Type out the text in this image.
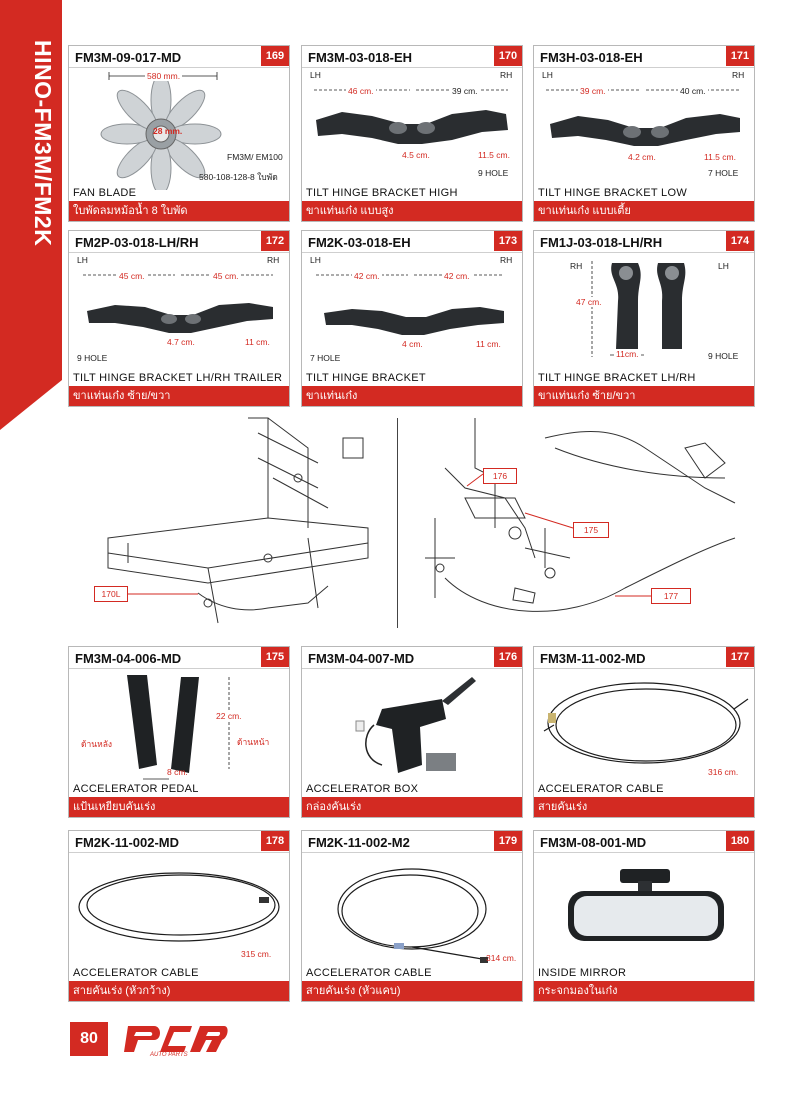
HINO-FM3M/FM2K FM3M-09-017-MD	169
580 mm.
28 mm.
FM3M/ EM100
580-108-128-8 ใบพัด
FAN BLADE
ใบพัดลมหม้อน้ำ 8 ใบพัด
FM3M-03-018-EH	170
LH	RH
46 cm.	39 cm.
4.5 cm.	11.5 cm.
9 HOLE
TILT HINGE BRACKET HIGH
ขาแท่นเก๋ง แบบสูง
FM3H-03-018-EH	171
LH	RH
39 cm.	40 cm.
4.2 cm.	11.5 cm.
7 HOLE
TILT HINGE BRACKET LOW
ขาแท่นเก๋ง แบบเตี้ย
FM2P-03-018-LH/RH	172
LH	RH
45 cm.	45 cm.
4.7 cm.	11 cm.
9 HOLE
TILT HINGE BRACKET LH/RH TRAILER
ขาแท่นเก๋ง ซ้าย/ขวา
FM2K-03-018-EH	173
LH	RH
42 cm.	42 cm.
4 cm.	11 cm.
7 HOLE
TILT HINGE BRACKET
ขาแท่นเก๋ง
FM1J-03-018-LH/RH	174
RH	LH
47 cm.
11cm.	9 HOLE
TILT HINGE BRACKET LH/RH
ขาแท่นเก๋ง ซ้าย/ขวา
170L
176
175
177
FM3M-04-006-MD	175
22 cm.
8 cm.
ด้านหลัง	ด้านหน้า
ACCELERATOR PEDAL
แป้นเหยียบคันเร่ง
FM3M-04-007-MD	176
ACCELERATOR BOX
กล่องคันเร่ง
FM3M-11-002-MD	177
316 cm.
ACCELERATOR CABLE
สายคันเร่ง
FM2K-11-002-MD	178
315 cm.
ACCELERATOR CABLE
สายคันเร่ง (หัวกว้าง)
FM2K-11-002-M2	179
314 cm.
ACCELERATOR CABLE
สายคันเร่ง (หัวแคบ)
FM3M-08-001-MD	180
INSIDE MIRROR
กระจกมองในเก๋ง
80
AUTO PARTS
